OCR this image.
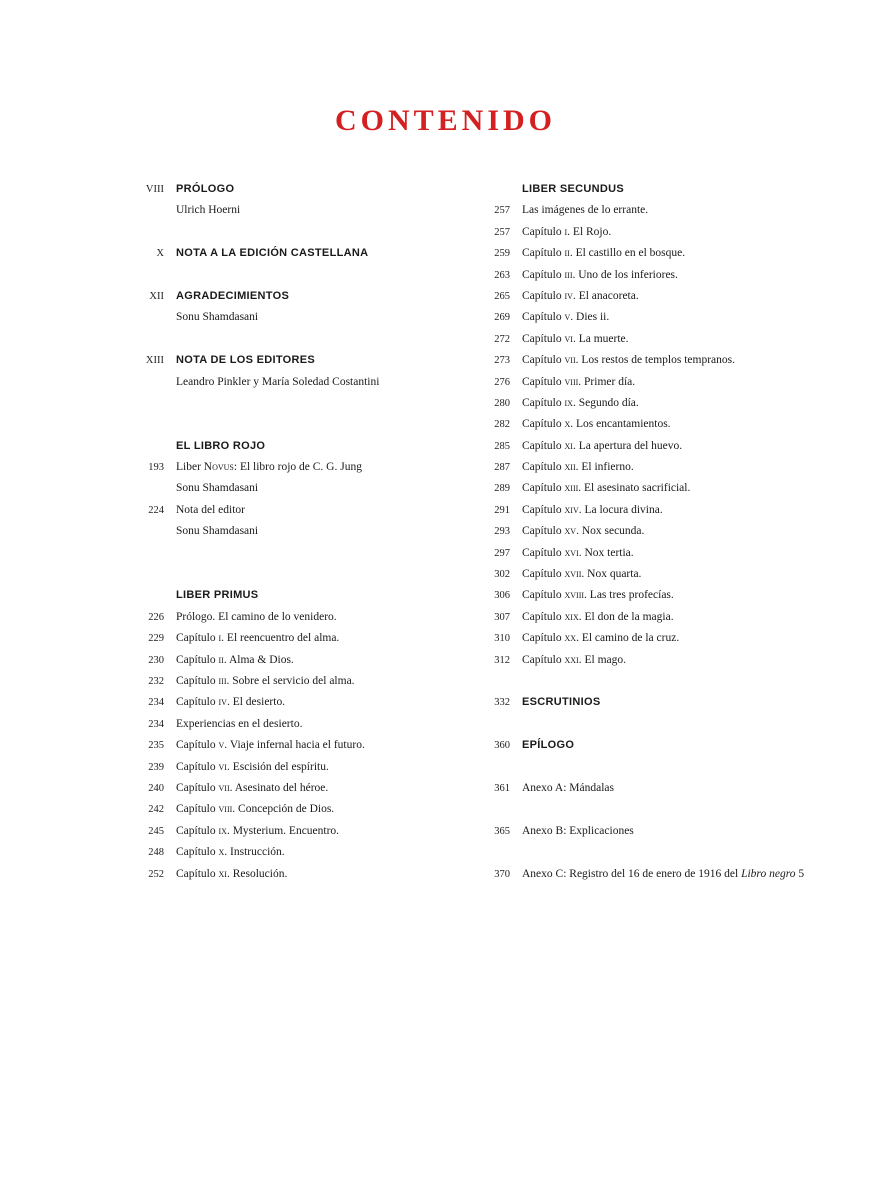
CONTENIDO
VIII PRÓLOGO
Ulrich Hoerni
X NOTA A LA EDICIÓN CASTELLANA
XII AGRADECIMIENTOS
Sonu Shamdasani
XIII NOTA DE LOS EDITORES
Leandro Pinkler y María Soledad Costantini
EL LIBRO ROJO
193 Liber Novus: El libro rojo de C. G. Jung
Sonu Shamdasani
224 Nota del editor
Sonu Shamdasani
LIBER PRIMUS
226 Prólogo. El camino de lo venidero.
229 Capítulo i. El reencuentro del alma.
230 Capítulo ii. Alma & Dios.
232 Capítulo iii. Sobre el servicio del alma.
234 Capítulo iv. El desierto.
234 Experiencias en el desierto.
235 Capítulo v. Viaje infernal hacia el futuro.
239 Capítulo vi. Escisión del espíritu.
240 Capítulo vii. Asesinato del héroe.
242 Capítulo viii. Concepción de Dios.
245 Capítulo ix. Mysterium. Encuentro.
248 Capítulo x. Instrucción.
252 Capítulo xi. Resolución.
LIBER SECUNDUS
257 Las imágenes de lo errante.
257 Capítulo i. El Rojo.
259 Capítulo ii. El castillo en el bosque.
263 Capítulo iii. Uno de los inferiores.
265 Capítulo iv. El anacoreta.
269 Capítulo v. Dies ii.
272 Capítulo vi. La muerte.
273 Capítulo vii. Los restos de templos tempranos.
276 Capítulo viii. Primer día.
280 Capítulo ix. Segundo día.
282 Capítulo x. Los encantamientos.
285 Capítulo xi. La apertura del huevo.
287 Capítulo xii. El infierno.
289 Capítulo xiii. El asesinato sacrificial.
291 Capítulo xiv. La locura divina.
293 Capítulo xv. Nox secunda.
297 Capítulo xvi. Nox tertia.
302 Capítulo xvii. Nox quarta.
306 Capítulo xviii. Las tres profecías.
307 Capítulo xix. El don de la magia.
310 Capítulo xx. El camino de la cruz.
312 Capítulo xxi. El mago.
332 ESCRUTINIOS
360 EPÍLOGO
361 Anexo A: Mándalas
365 Anexo B: Explicaciones
370 Anexo C: Registro del 16 de enero de 1916 del Libro negro 5
